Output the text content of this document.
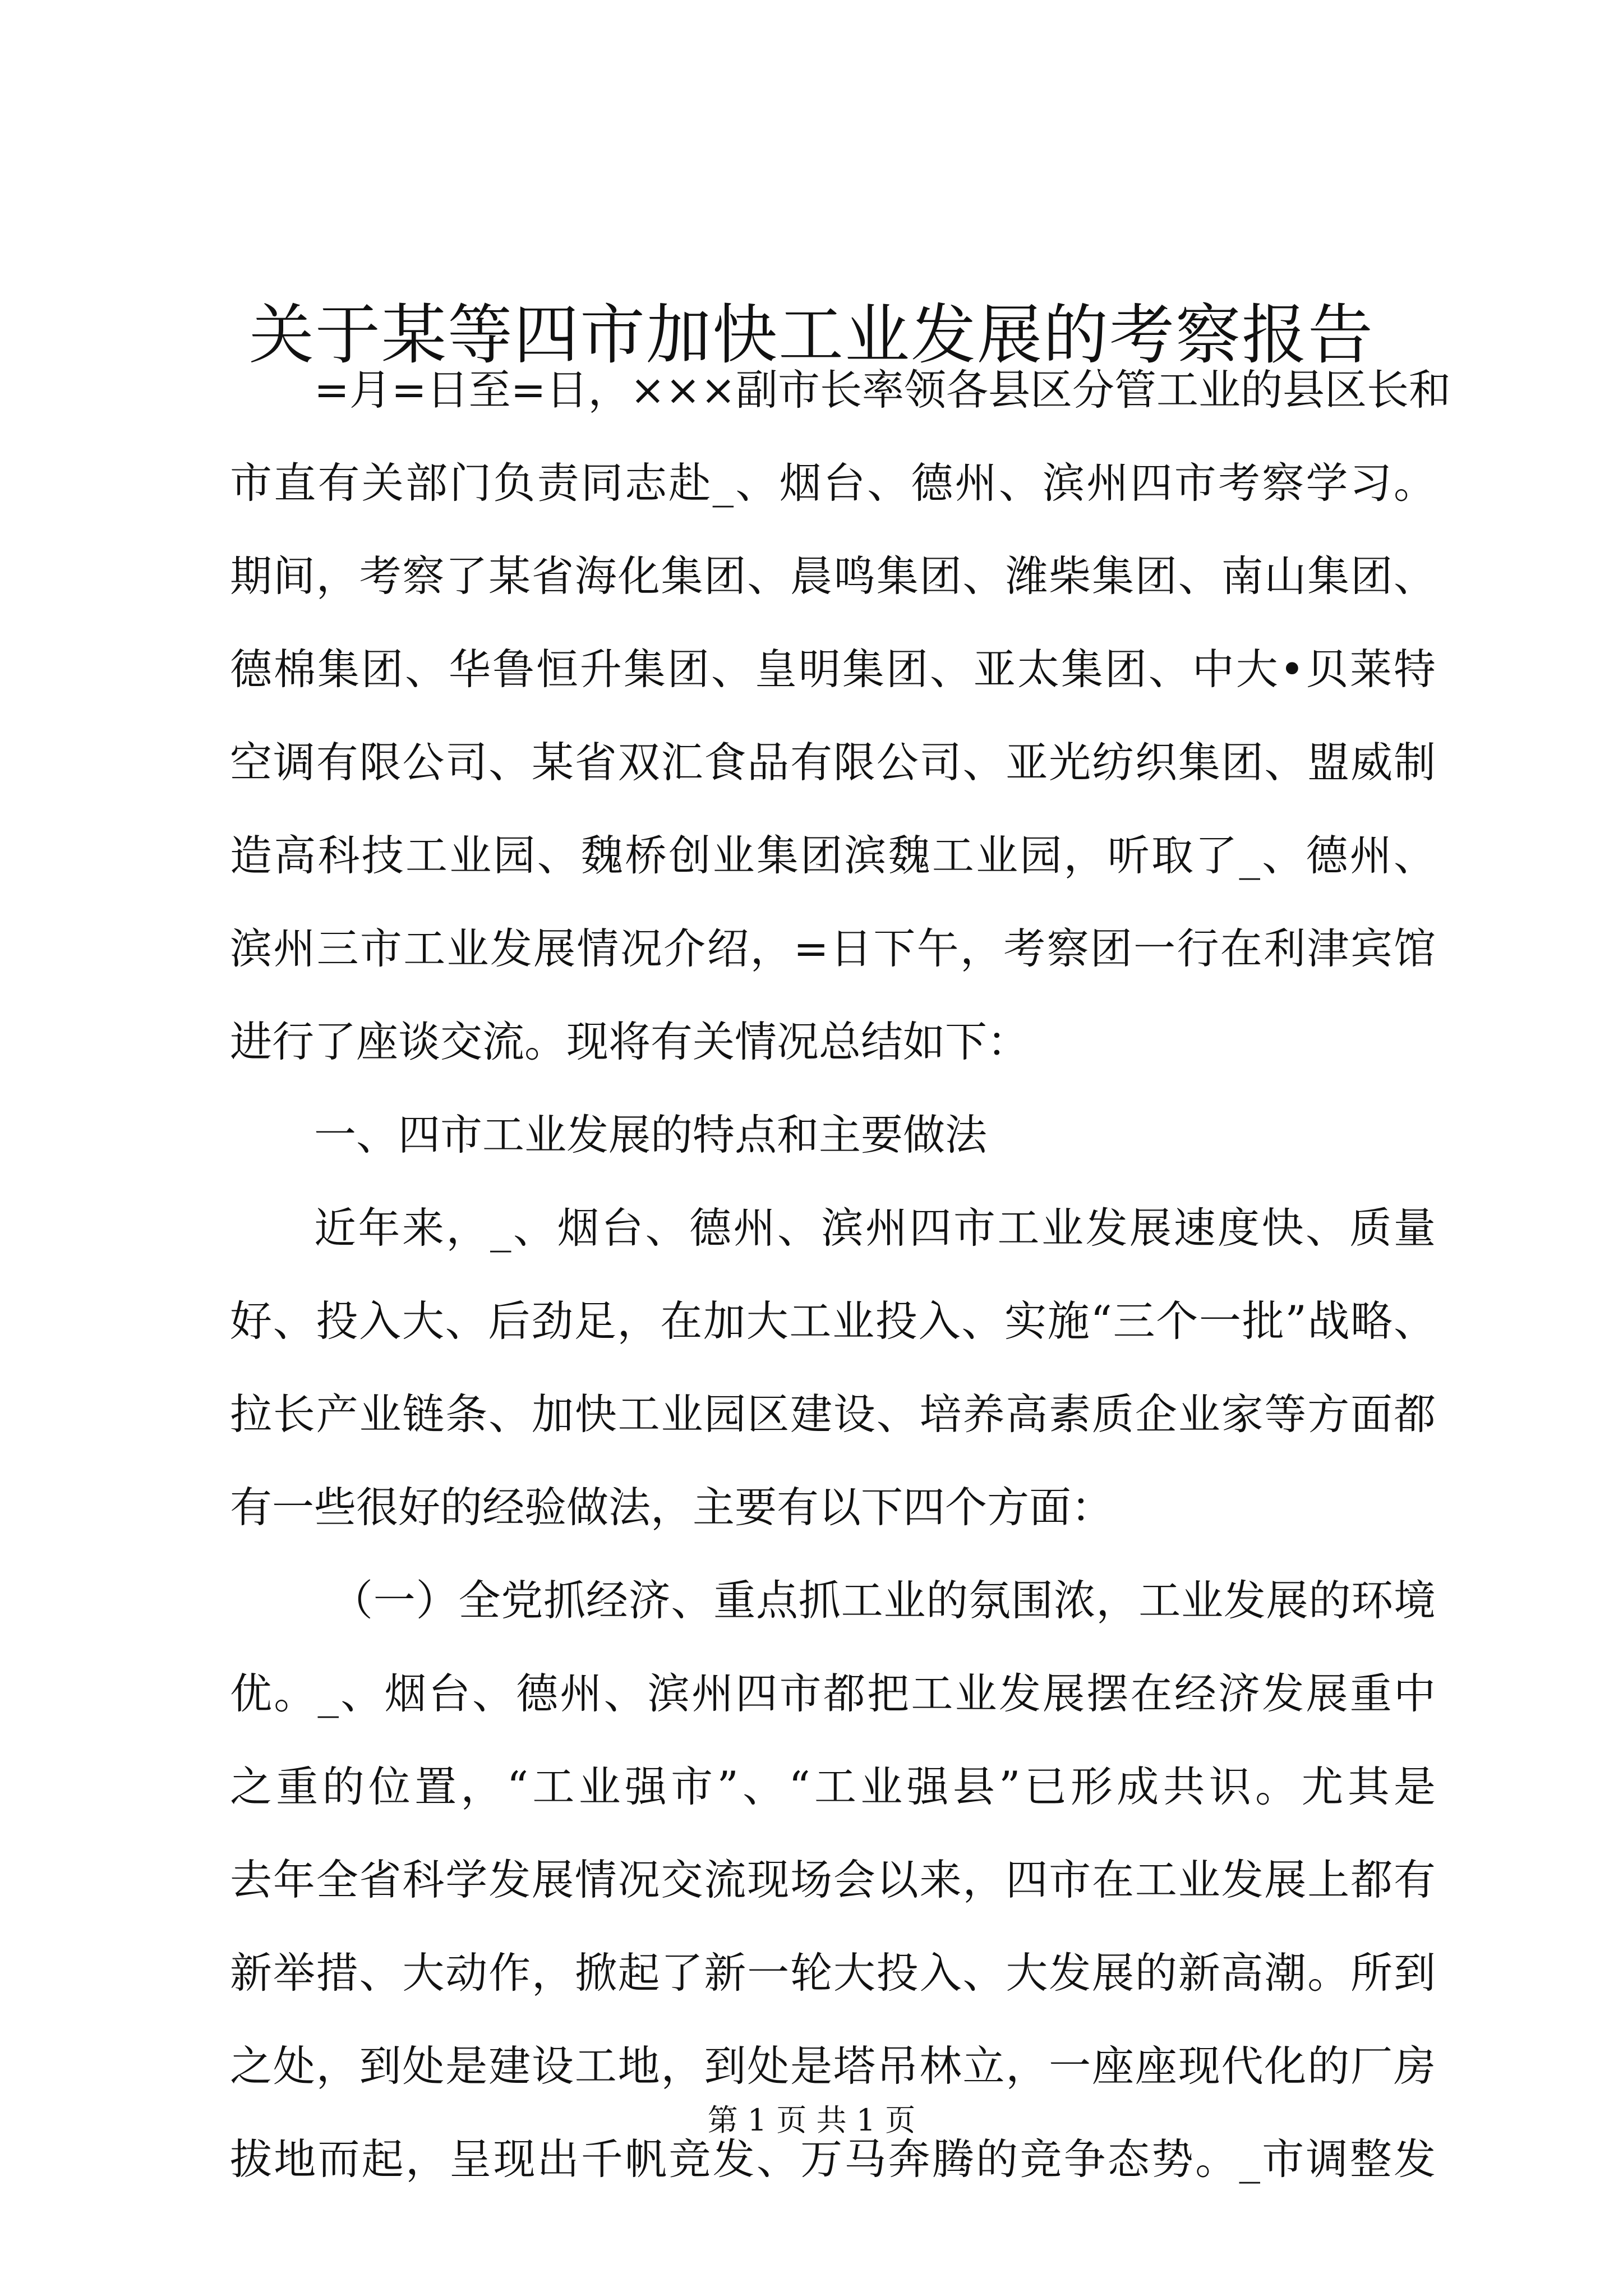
关于某等四市加快工业发展的考察报告
=月=日至=日，×××副市长率领各县区分管工业的县区长和
市直有关部门负责同志赴_、烟台、德州、滨州四市考察学习。
期间，考察了某省海化集团、晨鸣集团、潍柴集团、南山集团、
德棉集团、华鲁恒升集团、皇明集团、亚太集团、中大•贝莱特
空调有限公司、某省双汇食品有限公司、亚光纺织集团、盟威制
造高科技工业园、魏桥创业集团滨魏工业园，听取了_、德州、
滨州三市工业发展情况介绍，=日下午，考察团一行在利津宾馆
进行了座谈交流。现将有关情况总结如下：
一、四市工业发展的特点和主要做法
近年来，_、烟台、德州、滨州四市工业发展速度快、质量
好、投入大、后劲足，在加大工业投入、实施“三个一批”战略、
拉长产业链条、加快工业园区建设、培养高素质企业家等方面都
有一些很好的经验做法，主要有以下四个方面：
（一）全党抓经济、重点抓工业的氛围浓，工业发展的环境
优。_、烟台、德州、滨州四市都把工业发展摆在经济发展重中
之重的位置，“工业强市”、“工业强县”已形成共识。尤其是
去年全省科学发展情况交流现场会以来，四市在工业发展上都有
新举措、大动作，掀起了新一轮大投入、大发展的新高潮。所到
之处，到处是建设工地，到处是塔吊林立，一座座现代化的厂房
拔地而起，呈现出千帆竞发、万马奔腾的竞争态势。_市调整发
第 1 页 共 1 页
